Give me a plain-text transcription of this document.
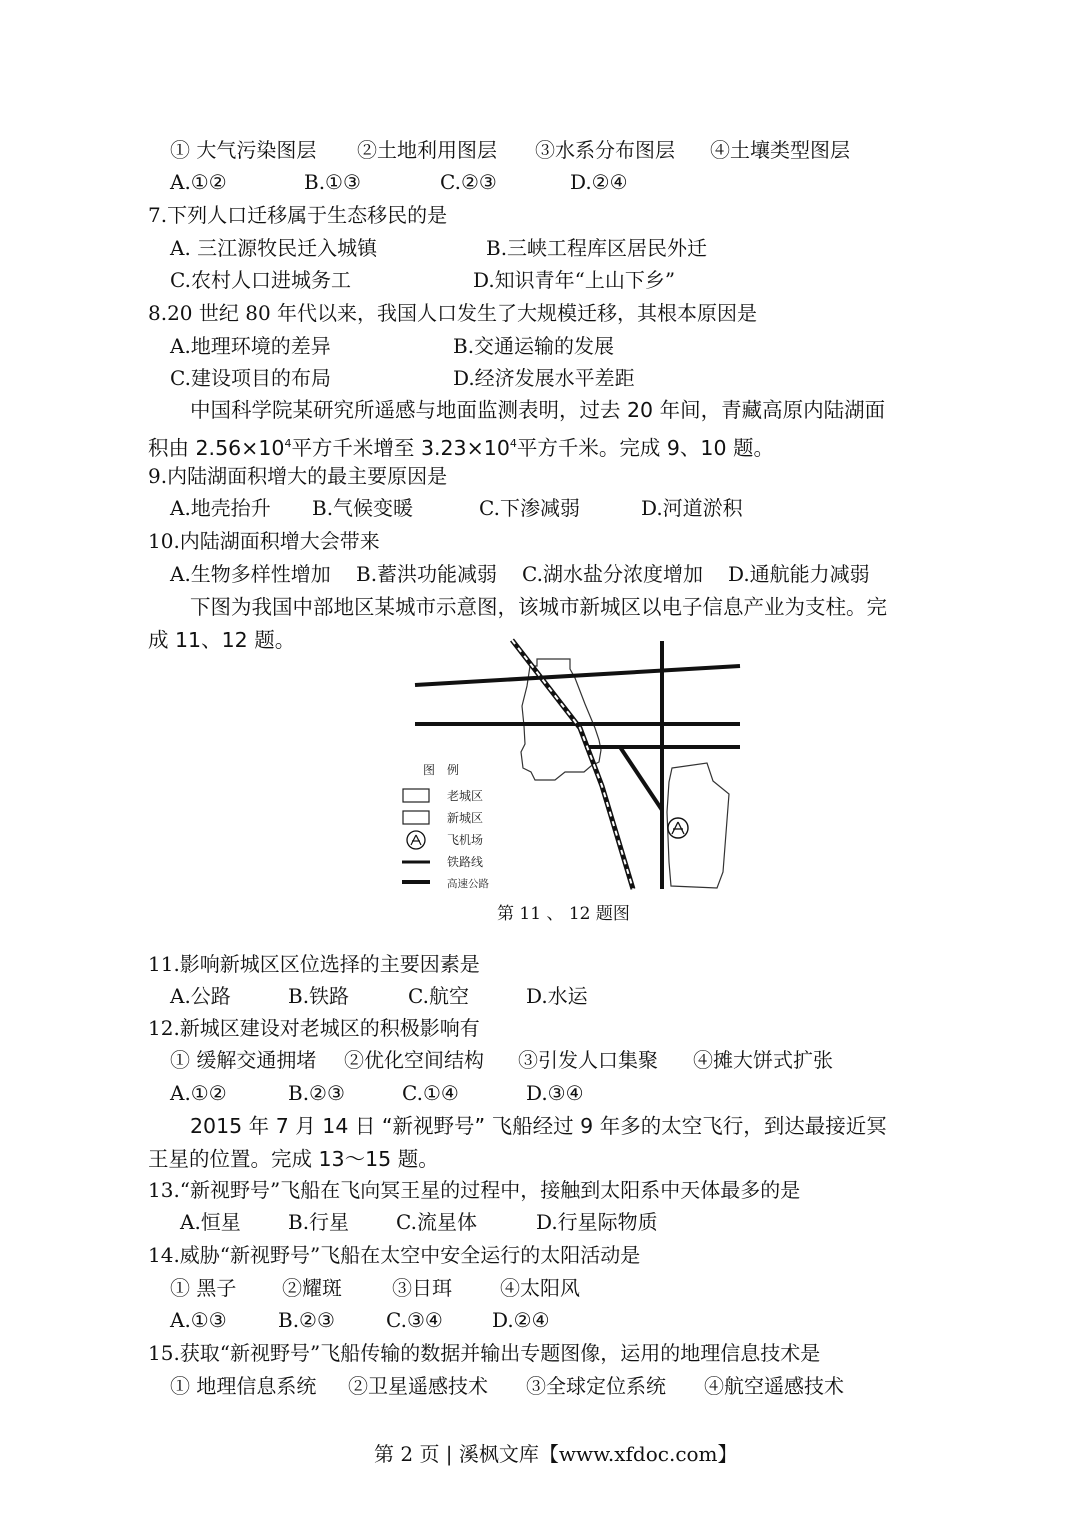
① 大气污染图层

②土地利用图层

③水系分布图层

④土壤类型图层

A.①②

	B.①③

	C.②③

	D.②④

7.下列人口迁移属于生态移民的是

A. 三江源牧民迁入城镇

	B.三峡工程库区居民外迁

C.农村人口进城务工

	D.知识青年“上山下乡”

8.20 世纪 80 年代以来，我国人口发生了大规模迁移，其根本原因是

A.地理环境的差异

	B.交通运输的发展

C.建设项目的布局

	D.经济发展水平差距

中国科学院某研究所遥感与地面监测表明，过去 20 年间，青藏高原内陆湖面
积由 $2.56\times 10^4$平方千米增至 $3.23\times 10^4$平方千米。完成 9、10 题。
9.内陆湖面积增大的最主要原因是

A.地壳抬升

B.气候变暖

	C.下渗减弱

	D.河道淤积

10.内陆湖面积增大会带来

A.生物多样性增加

B.蓄洪功能减弱

C.湖水盐分浓度增加

D.通航能力减弱

下图为我国中部地区某城市示意图，该城市新城区以电子信息产业为支柱。完
成 11、12 题。
图　例
老城区
新城区
飞机场
铁路线
高速公路
第 11 、 12 题图
11.影响新城区区位选择的主要因素是

A.公路

	B.铁路

	C.航空

	D.水运

12.新城区建设对老城区的积极影响有

① 缓解交通拥堵

②优化空间结构

③引发人口集聚

④摊大饼式扩张

A.①②

	B.②③

	C.①④

	D.③④

2015 年 7 月 14 日 “新视野号” 飞船经过 9 年多的太空飞行，到达最接近冥
王星的位置。完成 13～15 题。
13.“新视野号”飞船在飞向冥王星的过程中，接触到太阳系中天体最多的是

A.恒星

B.行星

C.流星体

	D.行星际物质

14.威胁“新视野号”飞船在太空中安全运行的太阳活动是

① 黑子

②耀斑

	③日珥

④太阳风

A.①③

	B.②③

	C.③④

D.②④

15.获取“新视野号”飞船传输的数据并输出专题图像，运用的地理信息技术是

① 地理信息系统

②卫星遥感技术

③全球定位系统

④航空遥感技术

第 2 页 | 溪枫文库【www.xfdoc.com】
